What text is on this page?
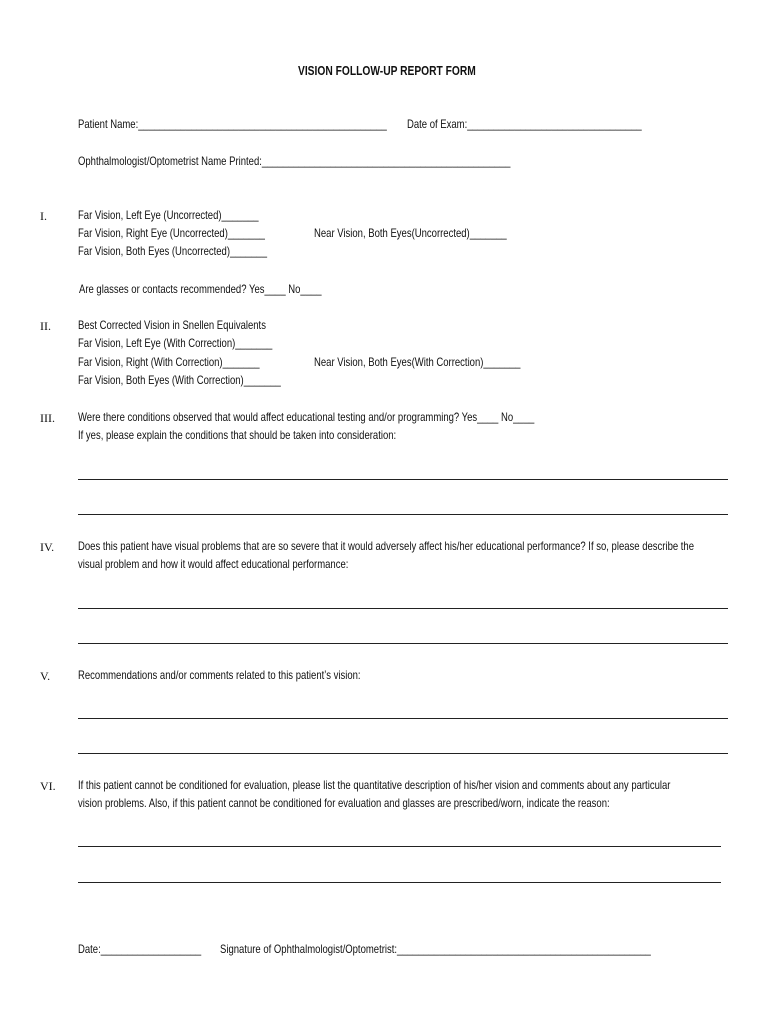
VISION FOLLOW-UP REPORT FORM
Patient Name:_______________________________________________ Date of Exam:_________________________________
Ophthalmologist/Optometrist Name Printed:_______________________________________________
I.	Far Vision, Left Eye (Uncorrected)_______
Far Vision, Right Eye (Uncorrected)_______
Far Vision, Both Eyes (Uncorrected)_______
Near Vision, Both Eyes(Uncorrected)_______
Are glasses or contacts recommended? Yes____ No____
II. Best Corrected Vision in Snellen Equivalents
Far Vision, Left Eye (With Correction)_______
Far Vision, Right (With Correction)_______
Far Vision, Both Eyes (With Correction)_______
Near Vision, Both Eyes(With Correction)_______
III. Were there conditions observed that would affect educational testing and/or programming? Yes____ No____
If yes, please explain the conditions that should be taken into consideration:
IV. Does this patient have visual problems that are so severe that it would adversely affect his/her educational performance? If so, please describe the
visual problem and how it would affect educational performance:
V. Recommendations and/or comments related to this patient’s vision:
VI. If this patient cannot be conditioned for evaluation, please list the quantitative description of his/her vision and comments about any particular
vision problems. Also, if this patient cannot be conditioned for evaluation and glasses are prescribed/worn, indicate the reason:
Date:___________________ Signature of Ophthalmologist/Optometrist:________________________________________________
